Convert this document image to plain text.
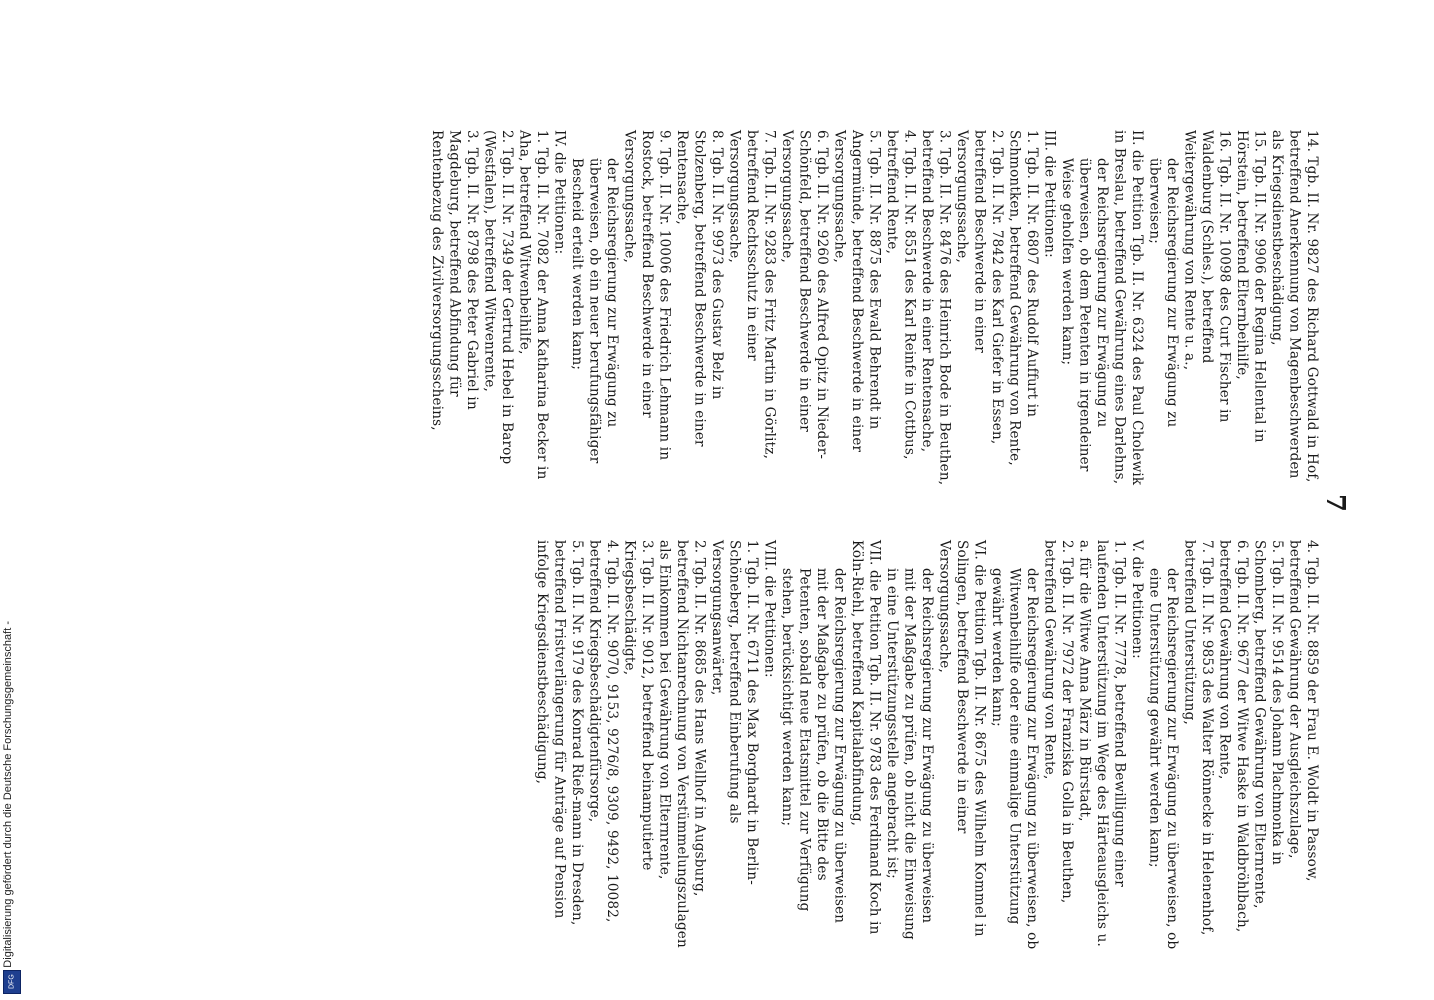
14. Tgb. II. Nr. 9827 des Richard Gottwald in Hof, betreffend Anerkennung von Magenbeschwerden als Kriegsdienstbeschädigung,
15. Tgb. II. Nr. 9906 der Regina Hellental in Hörstein, betreffend Elternbeihilfe,
16. Tgb. II. Nr. 10098 des Curt Fischer in Waldenburg (Schles.), betreffend Weitergewährung von Rente u. a.,
der Reichsregierung zur Erwägung zu überweisen;
II. die Petition Tgb. II. Nr. 6324 des Paul Cholewik in Breslau, betreffend Gewährung eines Darlehns,
der Reichsregierung zur Erwägung zu überweisen, ob dem Petenten in irgendeiner Weise geholfen werden kann;
III. die Petitionen:
1. Tgb. II. Nr. 6807 des Rudolf Auffurt in Schmontken, betreffend Gewährung von Rente,
2. Tgb. II. Nr. 7842 des Karl Giefer in Essen, betreffend Beschwerde in einer Versorgungssache,
3. Tgb. II. Nr. 8476 des Heinrich Bode in Beuthen, betreffend Beschwerde in einer Rentensache,
4. Tgb. II. Nr. 8551 des Karl Reinfe in Cottbus, betreffend Rente,
5. Tgb. II. Nr. 8875 des Ewald Behrendt in Angermünde, betreffend Beschwerde in einer Versorgungssache,
6. Tgb. II. Nr. 9260 des Alfred Opitz in Nieder-Schönfeld, betreffend Beschwerde in einer Versorgungssache,
7. Tgb. II. Nr. 9283 des Fritz Martin in Görlitz, betreffend Rechtsschutz in einer Versorgungssache,
8. Tgb. II. Nr. 9973 des Gustav Belz in Stolzenberg, betreffend Beschwerde in einer Rentensache,
9. Tgb. II. Nr. 10006 des Friedrich Lehmann in Rostock, betreffend Beschwerde in einer Versorgungssache,
der Reichsregierung zur Erwägung zu überweisen, ob ein neuer berufungsfähiger Bescheid erteilt werden kann;
IV. die Petitionen:
1. Tgb. II. Nr. 7082 der Anna Katharina Becker in Aha, betreffend Witwenbeihilfe,
2. Tgb. II. Nr. 7349 der Gertrud Hebel in Barop (Westfalen), betreffend Witwenrente,
3. Tgb. II. Nr. 8798 des Peter Gabriel in Magdeburg, betreffend Abfindung für Rentenbezug des Zivilversorgungsscheins,
4. Tgb. II. Nr. 8859 der Frau E. Woldt in Passow, betreffend Gewährung der Ausgleichszulage,
5. Tgb. II. Nr. 9514 des Johann Plachmonka in Schomberg, betreffend Gewährung von Elternrente,
6. Tgb. II. Nr. 9677 der Witwe Haske in Waldbröhlbach, betreffend Gewährung von Rente,
7. Tgb. II. Nr. 9853 des Walter Rönnecke in Helenenhof, betreffend Unterstützung,
der Reichsregierung zur Erwägung zu überweisen, ob eine Unterstützung gewährt werden kann;
V. die Petitionen:
1. Tgb. II. Nr. 7778, betreffend Bewilligung einer laufenden Unterstützung im Wege des Härteausgleichs u. a. für die Witwe Anna März in Bürstadt,
2. Tgb. II. Nr. 7972 der Franziska Golla in Beuthen, betreffend Gewährung von Rente,
der Reichsregierung zur Erwägung zu überweisen, ob Witwenbeihilfe oder eine einmalige Unterstützung gewährt werden kann;
VI. die Petition Tgb. II. Nr. 8675 des Wilhelm Kommel in Solingen, betreffend Beschwerde in einer Versorgungssache,
der Reichsregierung zur Erwägung zu überweisen mit der Maßgabe zu prüfen, ob nicht die Einweisung in eine Unterstützungsstelle angebracht ist;
VII. die Petition Tgb. II. Nr. 9783 des Ferdinand Koch in Köln-Riehl, betreffend Kapitalabfindung,
der Reichsregierung zur Erwägung zu überweisen mit der Maßgabe zu prüfen, ob die Bitte des Petenten, sobald neue Etatsmittel zur Verfügung stehen, berücksichtigt werden kann;
VIII. die Petitionen:
1. Tgb. II. Nr. 6711 des Max Borghardt in Berlin-Schöneberg, betreffend Einberufung als Versorgungsanwärter,
2. Tgb. II. Nr. 8685 des Hans Wellhof in Augsburg, betreffend Nichtanrechnung von Verstümmelungszulagen als Einkommen bei Gewährung von Elternrente,
3. Tgb. II. Nr. 9012, betreffend beinamputierte Kriegsbeschädigte,
4. Tgb. II. Nr. 9070, 9153, 9276/8, 9309, 9492, 10082, betreffend Kriegsbeschädigtenfürsorge,
5. Tgb. II. Nr. 9179 des Konrad Rieß-mann in Dresden, betreffend Fristverlängerung für Anträge auf Pension infolge Kriegsdienstbeschädigung,
7
Digitalisierung gefördert durch die Deutsche Forschungsgemeinschaft -
DFG
